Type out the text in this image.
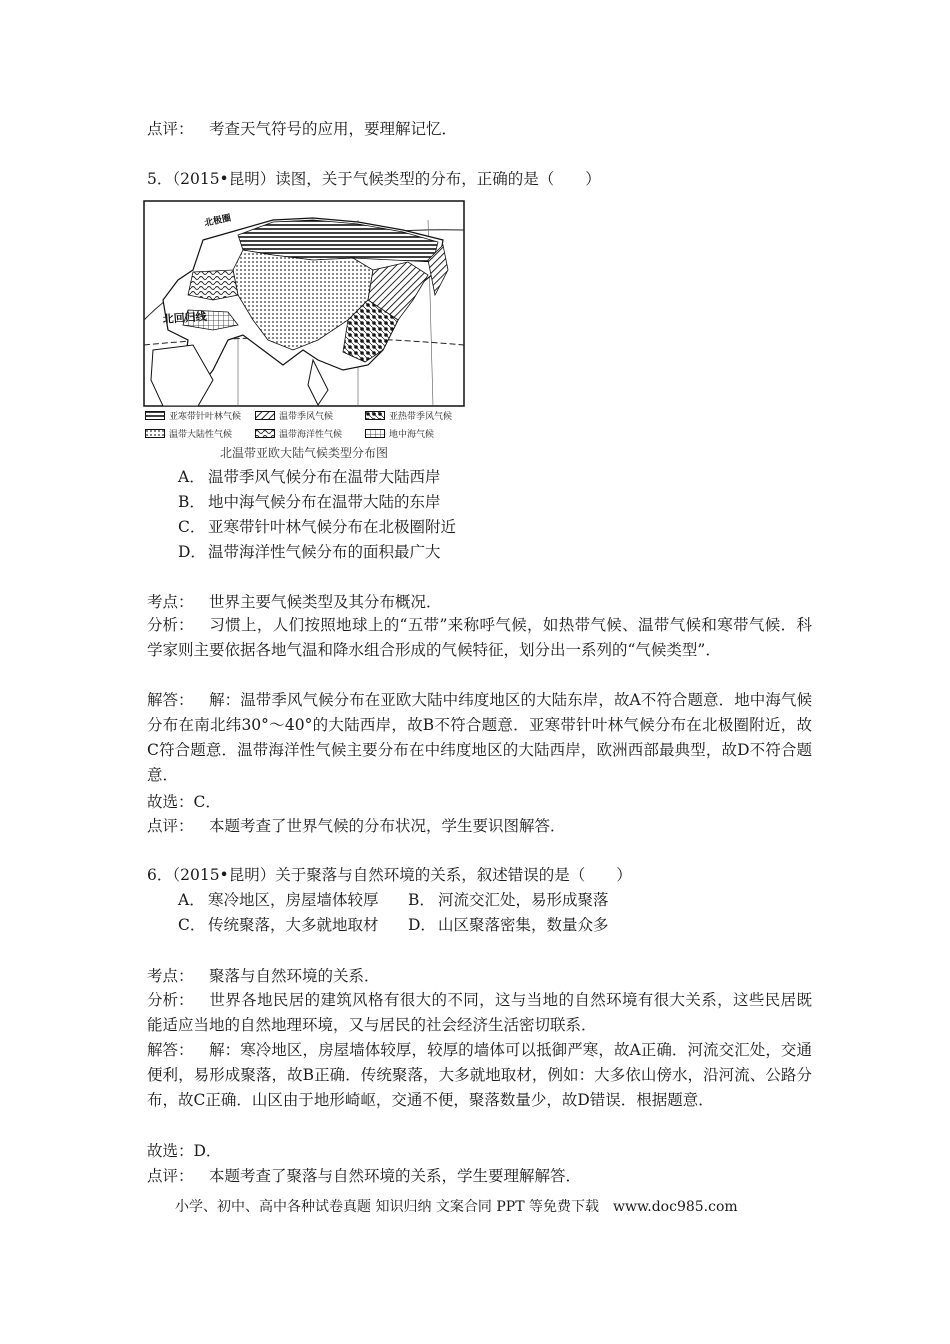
点评： 考查天气符号的应用，要理解记忆．
5．（2015•昆明）读图，关于气候类型的分布，正确的是（　　）
北回归线
北极圈
亚寒带针叶林气候	温带季风气候	亚热带季风气候
温带大陆性气候	温带海洋性气候	地中海气候
北温带亚欧大陆气候类型分布图
A． 温带季风气候分布在温带大陆西岸
B． 地中海气候分布在温带大陆的东岸
C． 亚寒带针叶林气候分布在北极圈附近
D． 温带海洋性气候分布的面积最广大
考点： 世界主要气候类型及其分布概况．
分析： 习惯上，人们按照地球上的“五带”来称呼气候，如热带气候、温带气候和寒带气候．科学家则主要依据各地气温和降水组合形成的气候特征，划分出一系列的“气候类型”．
解答： 解：温带季风气候分布在亚欧大陆中纬度地区的大陆东岸，故A不符合题意．地中海气候分布在南北纬30°～40°的大陆西岸，故B不符合题意．亚寒带针叶林气候分布在北极圈附近，故C符合题意．温带海洋性气候主要分布在中纬度地区的大陆西岸，欧洲西部最典型，故D不符合题意．
故选：C．
点评： 本题考查了世界气候的分布状况，学生要识图解答．
6．（2015•昆明）关于聚落与自然环境的关系，叙述错误的是（　　）
A． 寒冷地区，房屋墙体较厚 B． 河流交汇处，易形成聚落
C． 传统聚落，大多就地取材 D． 山区聚落密集，数量众多
考点： 聚落与自然环境的关系．
分析： 世界各地民居的建筑风格有很大的不同，这与当地的自然环境有很大关系，这些民居既能适应当地的自然地理环境，又与居民的社会经济生活密切联系．
解答： 解：寒冷地区，房屋墙体较厚，较厚的墙体可以抵御严寒，故A正确．河流交汇处，交通便利，易形成聚落，故B正确．传统聚落，大多就地取材，例如：大多依山傍水，沿河流、公路分布，故C正确．山区由于地形崎岖，交通不便，聚落数量少，故D错误．根据题意．
故选：D．
点评： 本题考查了聚落与自然环境的关系，学生要理解解答．
小学、初中、高中各种试卷真题 知识归纳 文案合同 PPT 等免费下载　www.doc985.com
